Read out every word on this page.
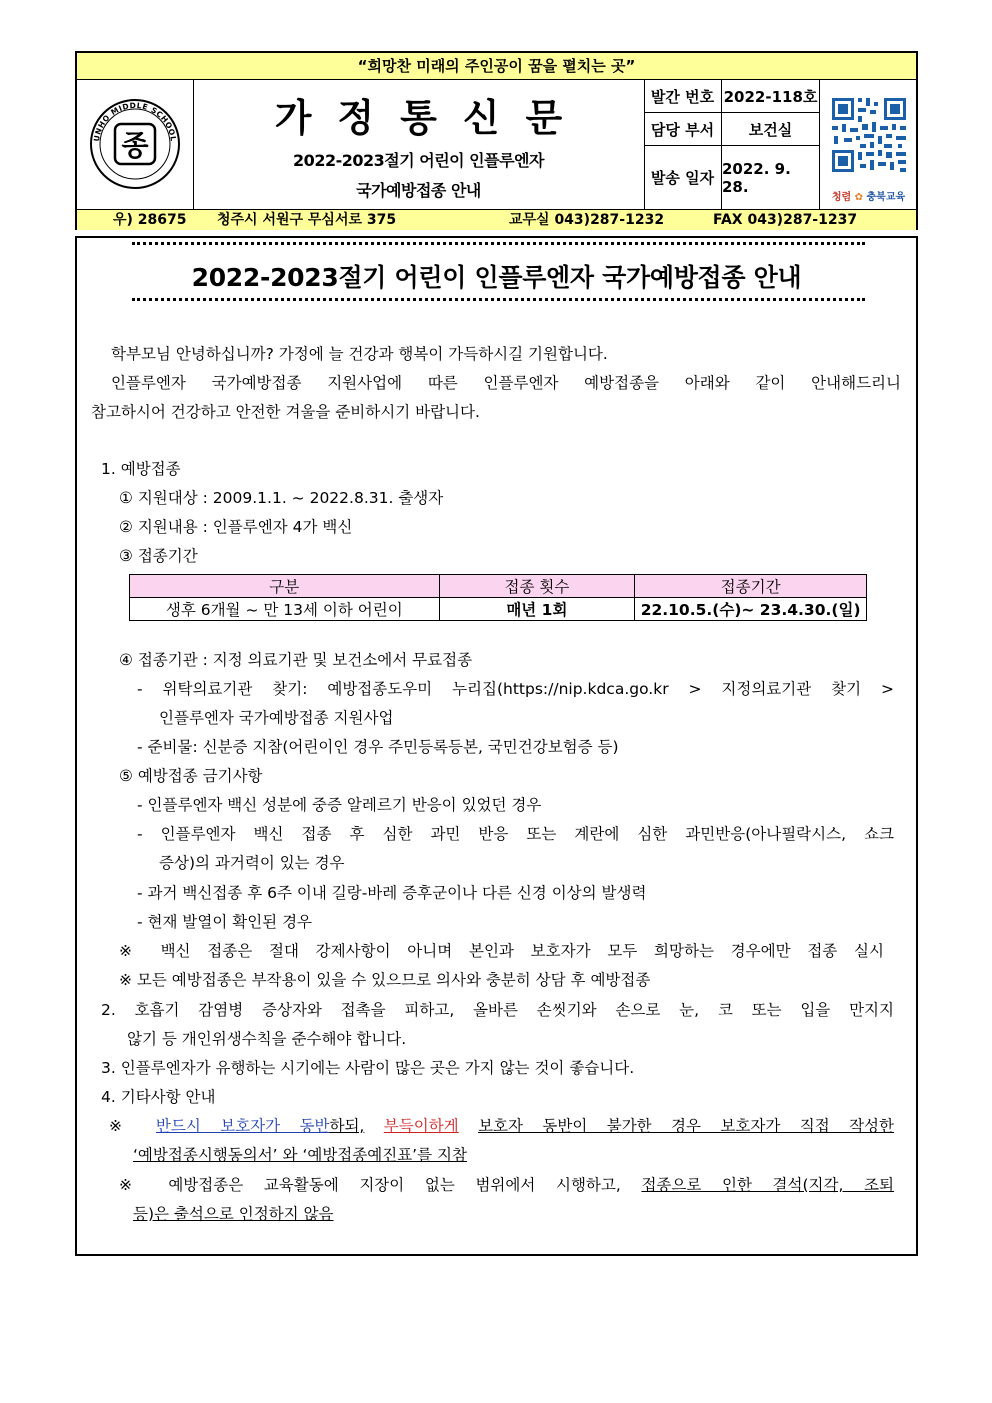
“희망찬 미래의 주인공이 꿈을 펼치는 곳”
UNHO MIDDLE SCHOOL
종
가정통신문
2022-2023절기 어린이 인플루엔자
국가예방접종 안내
발간 번호 2022-118호
담당 부서	보건실
발송 일자
2022. 9. 28.
청렴 ✿ 충북교육
우) 28675 청주시 서원구 무심서로 375	교무실 043)287-1232	FAX 043)287-1237
2022-2023절기 어린이 인플루엔자 국가예방접종 안내
학부모님 안녕하십니까? 가정에 늘 건강과 행복이 가득하시길 기원합니다.
인플루엔자 국가예방접종 지원사업에 따른 인플루엔자 예방접종을 아래와 같이 안내해드리니
참고하시어 건강하고 안전한 겨울을 준비하시기 바랍니다.
1. 예방접종
① 지원대상 : 2009.1.1. ~ 2022.8.31. 출생자
② 지원내용 : 인플루엔자 4가 백신
③ 접종기간
구분	접종 횟수	접종기간
생후 6개월 ~ 만 13세 이하 어린이	매년 1회	22.10.5.(수)~ 23.4.30.(일)
④ 접종기관 : 지정 의료기관 및 보건소에서 무료접종
- 위탁의료기관 찾기: 예방접종도우미 누리집(https://nip.kdca.go.kr > 지정의료기관 찾기 >
인플루엔자 국가예방접종 지원사업
- 준비물: 신분증 지참(어린이인 경우 주민등록등본, 국민건강보험증 등)
⑤ 예방접종 금기사항
- 인플루엔자 백신 성분에 중증 알레르기 반응이 있었던 경우
- 인플루엔자 백신 접종 후 심한 과민 반응 또는 계란에 심한 과민반응(아나필락시스, 쇼크
증상)의 과거력이 있는 경우
- 과거 백신접종 후 6주 이내 길랑-바레 증후군이나 다른 신경 이상의 발생력
- 현재 발열이 확인된 경우
※ 백신 접종은 절대 강제사항이 아니며 본인과 보호자가 모두 희망하는 경우에만 접종 실시
※ 모든 예방접종은 부작용이 있을 수 있으므로 의사와 충분히 상담 후 예방접종
2. 호흡기 감염병 증상자와 접촉을 피하고, 올바른 손씻기와 손으로 눈, 코 또는 입을 만지지
않기 등 개인위생수칙을 준수해야 합니다.
3. 인플루엔자가 유행하는 시기에는 사람이 많은 곳은 가지 않는 것이 좋습니다.
4. 기타사항 안내
※ 반드시 보호자가 동반하되, 부득이하게 보호자 동반이 불가한 경우 보호자가 직접 작성한
‘예방접종시행동의서’ 와 ‘예방접종예진표’를 지참
※ 예방접종은 교육활동에 지장이 없는 범위에서 시행하고, 접종으로 인한 결석(지각, 조퇴
등)은 출석으로 인정하지 않음
